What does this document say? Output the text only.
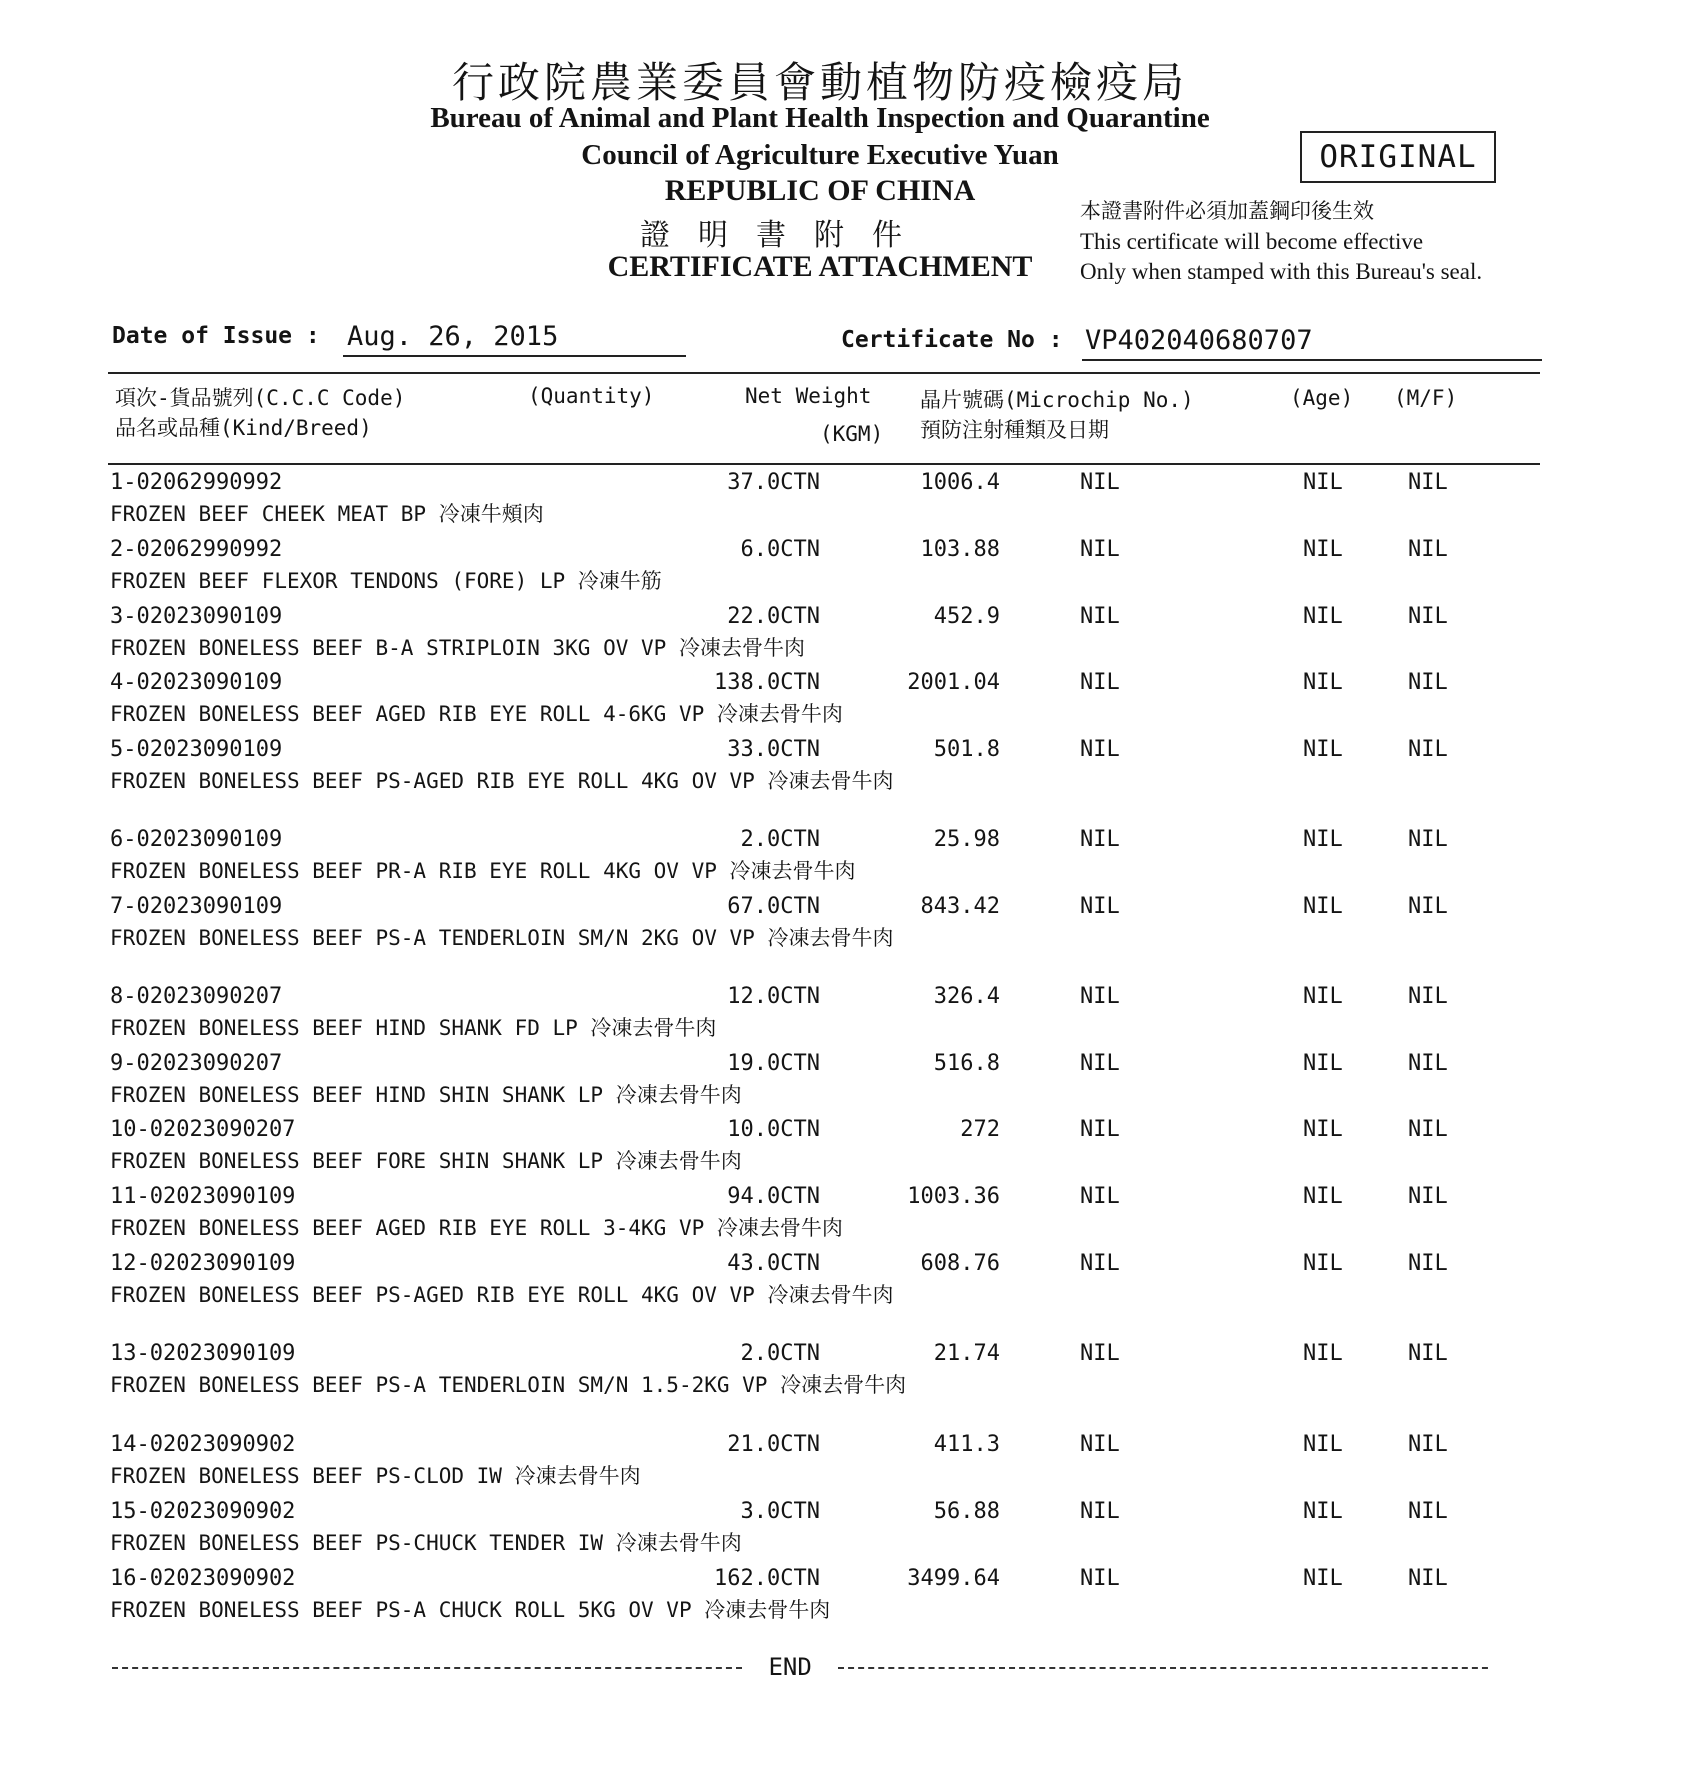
行政院農業委員會動植物防疫檢疫局
Bureau of Animal and Plant Health Inspection and Quarantine
Council of Agriculture Executive Yuan
REPUBLIC OF CHINA
證明書附件
CERTIFICATE ATTACHMENT
ORIGINAL
本證書附件必須加蓋鋼印後生效
This certificate will become effective
Only when stamped with this Bureau's seal.
Date of Issue : Aug. 26, 2015	Certificate No : VP402040680707
項次-貨品號列(C.C.C Code)
品名或品種(Kind/Breed)
(Quantity)	Net Weight
(KGM)
晶片號碼(Microchip No.)
預防注射種類及日期
(Age) (M/F)
1-02062990992	37.0CTN	1006.4	NIL	NIL	NIL
FROZEN BEEF CHEEK MEAT BP 冷凍牛頰肉
2-02062990992	6.0CTN	103.88	NIL	NIL	NIL
FROZEN BEEF FLEXOR TENDONS (FORE) LP 冷凍牛筋
3-02023090109	22.0CTN	452.9	NIL	NIL	NIL
FROZEN BONELESS BEEF B-A STRIPLOIN 3KG OV VP 冷凍去骨牛肉
4-02023090109	138.0CTN	2001.04	NIL	NIL	NIL
FROZEN BONELESS BEEF AGED RIB EYE ROLL 4-6KG VP 冷凍去骨牛肉
5-02023090109	33.0CTN	501.8	NIL	NIL	NIL
FROZEN BONELESS BEEF PS-AGED RIB EYE ROLL 4KG OV VP 冷凍去骨牛肉
6-02023090109	2.0CTN	25.98	NIL	NIL	NIL
FROZEN BONELESS BEEF PR-A RIB EYE ROLL 4KG OV VP 冷凍去骨牛肉
7-02023090109	67.0CTN	843.42	NIL	NIL	NIL
FROZEN BONELESS BEEF PS-A TENDERLOIN SM/N 2KG OV VP 冷凍去骨牛肉
8-02023090207	12.0CTN	326.4	NIL	NIL	NIL
FROZEN BONELESS BEEF HIND SHANK FD LP 冷凍去骨牛肉
9-02023090207	19.0CTN	516.8	NIL	NIL	NIL
FROZEN BONELESS BEEF HIND SHIN SHANK LP 冷凍去骨牛肉
10-02023090207	10.0CTN	272	NIL	NIL	NIL
FROZEN BONELESS BEEF FORE SHIN SHANK LP 冷凍去骨牛肉
11-02023090109	94.0CTN	1003.36	NIL	NIL	NIL
FROZEN BONELESS BEEF AGED RIB EYE ROLL 3-4KG VP 冷凍去骨牛肉
12-02023090109	43.0CTN	608.76	NIL	NIL	NIL
FROZEN BONELESS BEEF PS-AGED RIB EYE ROLL 4KG OV VP 冷凍去骨牛肉
13-02023090109	2.0CTN	21.74	NIL	NIL	NIL
FROZEN BONELESS BEEF PS-A TENDERLOIN SM/N 1.5-2KG VP 冷凍去骨牛肉
14-02023090902	21.0CTN	411.3	NIL	NIL	NIL
FROZEN BONELESS BEEF PS-CLOD IW 冷凍去骨牛肉
15-02023090902	3.0CTN	56.88	NIL	NIL	NIL
FROZEN BONELESS BEEF PS-CHUCK TENDER IW 冷凍去骨牛肉
16-02023090902	162.0CTN	3499.64	NIL	NIL	NIL
FROZEN BONELESS BEEF PS-A CHUCK ROLL 5KG OV VP 冷凍去骨牛肉
END
